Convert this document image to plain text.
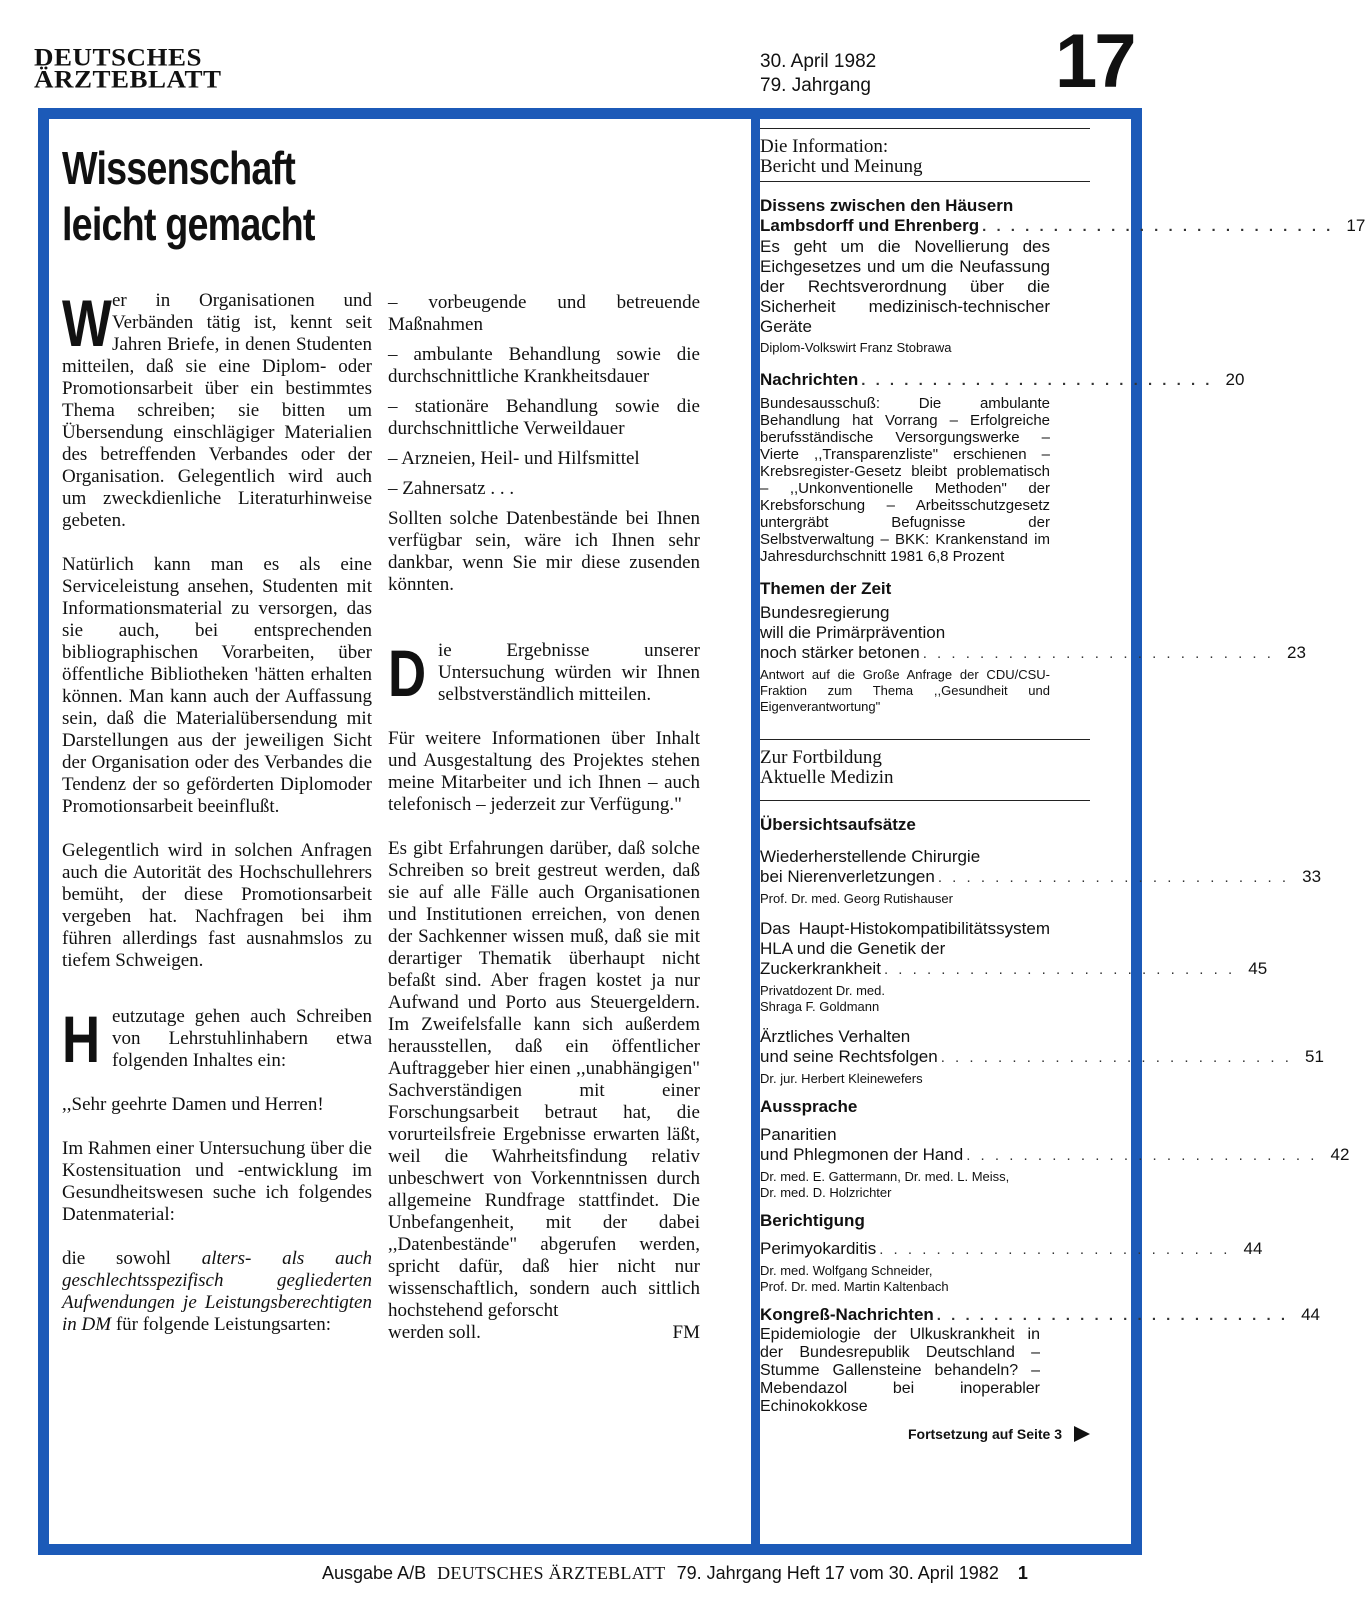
DEUTSCHES
ÄRZTEBLATT
30. April 1982
79. Jahrgang 17
Wissenschaft
leicht gemacht

Wer in Organisationen und Verbänden tätig ist, kennt seit Jahren Briefe, in denen Studenten mitteilen, daß sie eine Diplom- oder Promotionsarbeit über ein bestimmtes Thema schreiben; sie bitten um Übersendung einschlägiger Materialien des betreffenden Verbandes oder der Organisation. Gelegentlich wird auch um zweckdienliche Literaturhinweise gebeten.

Natürlich kann man es als eine Serviceleistung ansehen, Studenten mit Informationsmaterial zu versorgen, das sie auch, bei entsprechenden bibliographischen Vorarbeiten, über öffentliche Bibliotheken 'hätten erhalten können. Man kann auch der Auffassung sein, daß die Materialübersendung mit Darstellungen aus der jeweiligen Sicht der Organisation oder des Verbandes die Tendenz der so geförderten Diplomoder Promotionsarbeit beeinflußt.

Gelegentlich wird in solchen Anfragen auch die Autorität des Hochschullehrers bemüht, der diese Promotionsarbeit vergeben hat. Nachfragen bei ihm führen allerdings fast ausnahmslos zu tiefem Schweigen.

Heutzutage gehen auch Schreiben von Lehrstuhlinhabern etwa folgenden Inhaltes ein:

,,Sehr geehrte Damen und Herren!

Im Rahmen einer Untersuchung über die Kostensituation und -entwicklung im Gesundheitswesen suche ich folgendes Datenmaterial:

die sowohl alters- als auch geschlechtsspezifisch gegliederten Aufwendungen je Leistungsberechtigten in DM für folgende Leistungsarten:

– vorbeugende und betreuende Maßnahmen

– ambulante Behandlung sowie die durchschnittliche Krankheitsdauer

– stationäre Behandlung sowie die durchschnittliche Verweildauer

– Arzneien, Heil- und Hilfsmittel

– Zahnersatz . . .

Sollten solche Datenbestände bei Ihnen verfügbar sein, wäre ich Ihnen sehr dankbar, wenn Sie mir diese zusenden könnten.

Die Ergebnisse unserer Untersuchung würden wir Ihnen selbstverständlich mitteilen.

Für weitere Informationen über Inhalt und Ausgestaltung des Projektes stehen meine Mitarbeiter und ich Ihnen – auch telefonisch – jederzeit zur Verfügung."

Es gibt Erfahrungen darüber, daß solche Schreiben so breit gestreut werden, daß sie auf alle Fälle auch Organisationen und Institutionen erreichen, von denen der Sachkenner wissen muß, daß sie mit derartiger Thematik überhaupt nicht befaßt sind. Aber fragen kostet ja nur Aufwand und Porto aus Steuergeldern. Im Zweifelsfalle kann sich außerdem herausstellen, daß ein öffentlicher Auftraggeber hier einen ,,unabhängigen" Sachverständigen mit einer Forschungsarbeit betraut hat, die vorurteilsfreie Ergebnisse erwarten läßt, weil die Wahrheitsfindung relativ unbeschwert von Vorkenntnissen durch allgemeine Rundfrage stattfindet. Die Unbefangenheit, mit der dabei ,,Datenbestände" abgerufen werden, spricht dafür, daß hier nicht nur wissenschaftlich, sondern auch sittlich hochstehend geforscht

werden soll.	FM
Die Information:
Bericht und Meinung
Dissens zwischen den Häusern
Lambsdorff und Ehrenberg . . . . . . . . . . . . . . . . . . . . . . . . . 17
Es geht um die Novellierung des Eichgesetzes und um die Neufassung der Rechtsverordnung über die Sicherheit medizinisch-technischer Geräte
Diplom-Volkswirt Franz Stobrawa
Nachrichten . . . . . . . . . . . . . . . . . . . . . . . . . 20
Bundesausschuß: Die ambulante Behandlung hat Vorrang – Erfolgreiche berufsständische Versorgungswerke – Vierte ,,Transparenzliste" erschienen – Krebsregister-Gesetz bleibt problematisch – ,,Unkonventionelle Methoden" der Krebsforschung – Arbeitsschutzgesetz untergräbt Befugnisse der Selbstverwaltung – BKK: Krankenstand im Jahresdurchschnitt 1981 6,8 Prozent
Themen der Zeit
Bundesregierung
will die Primärprävention
noch stärker betonen . . . . . . . . . . . . . . . . . . . . . . . . . 23
Antwort auf die Große Anfrage der CDU/CSU-Fraktion zum Thema ,,Gesundheit und Eigenverantwortung"
Zur Fortbildung
Aktuelle Medizin
Übersichtsaufsätze
Wiederherstellende Chirurgie
bei Nierenverletzungen . . . . . . . . . . . . . . . . . . . . . . . . . 33
Prof. Dr. med. Georg Rutishauser
Das Haupt-Histokompatibilitätssystem HLA und die Genetik der
Zuckerkrankheit . . . . . . . . . . . . . . . . . . . . . . . . . 45
Privatdozent Dr. med.
Shraga F. Goldmann
Ärztliches Verhalten
und seine Rechtsfolgen . . . . . . . . . . . . . . . . . . . . . . . . . 51
Dr. jur. Herbert Kleinewefers
Aussprache
Panaritien
und Phlegmonen der Hand . . . . . . . . . . . . . . . . . . . . . . . . . 42
Dr. med. E. Gattermann, Dr. med. L. Meiss,
Dr. med. D. Holzrichter
Berichtigung
Perimyokarditis . . . . . . . . . . . . . . . . . . . . . . . . . 44
Dr. med. Wolfgang Schneider,
Prof. Dr. med. Martin Kaltenbach
Kongreß-Nachrichten . . . . . . . . . . . . . . . . . . . . . . . . . 44
Epidemiologie der Ulkuskrankheit in der Bundesrepublik Deutschland – Stumme Gallensteine behandeln? – Mebendazol bei inoperabler Echinokokkose
Fortsetzung auf Seite 3
Ausgabe A/B DEUTSCHES ÄRZTEBLATT 79. Jahrgang Heft 17 vom 30. April 1982 1
